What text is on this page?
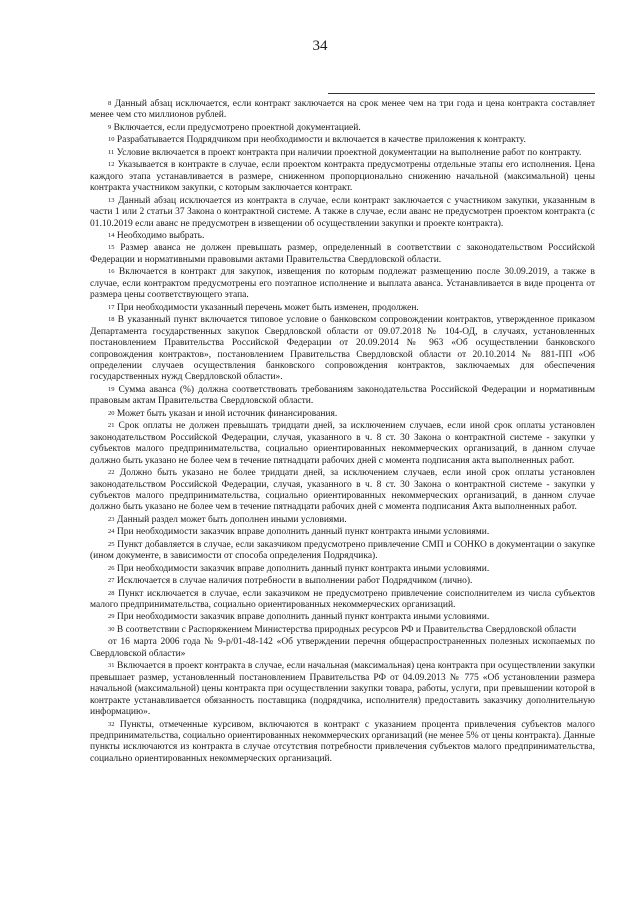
34

$^8$ Данный абзац исключается, если контракт заключается на срок менее чем на три года и цена контракта составляет менее чем сто миллионов рублей.

$^9$ Включается, если предусмотрено проектной документацией.

$^{10}$ Разрабатывается Подрядчиком при необходимости и включается в качестве приложения к контракту.

$^{11}$ Условие включается в проект контракта при наличии проектной документации на выполнение работ по контракту.

$^{12}$ Указывается в контракте в случае, если проектом контракта предусмотрены отдельные этапы его исполнения. Цена каждого этапа устанавливается в размере, сниженном пропорционально снижению начальной (максимальной) цены контракта участником закупки, с которым заключается контракт.

$^{13}$ Данный абзац исключается из контракта в случае, если контракт заключается с участником закупки, указанным в части 1 или 2 статьи 37 Закона о контрактной системе. А также в случае, если аванс не предусмотрен проектом контракта (с 01.10.2019 если аванс не предусмотрен в извещении об осуществлении закупки и проекте контракта).

$^{14}$ Необходимо выбрать.

$^{15}$ Размер аванса не должен превышать размер, определенный в соответствии с законодательством Российской Федерации и нормативными правовыми актами Правительства Свердловской области.

$^{16}$ Включается в контракт для закупок, извещения по которым подлежат размещению после 30.09.2019, а также в случае, если контрактом предусмотрены его поэтапное исполнение и выплата аванса. Устанавливается в виде процента от размера цены соответствующего этапа.

$^{17}$ При необходимости указанный перечень может быть изменен, продолжен.

$^{18}$ В указанный пункт включается типовое условие о банковском сопровождении контрактов, утвержденное приказом Департамента государственных закупок Свердловской области от 09.07.2018 № 104-ОД, в случаях, установленных постановлением Правительства Российской Федерации от 20.09.2014 № 963 «Об осуществлении банковского сопровождения контрактов», постановлением Правительства Свердловской области от 20.10.2014 № 881-ПП «Об определении случаев осуществления банковского сопровождения контрактов, заключаемых для обеспечения государственных нужд Свердловской области».

$^{19}$ Сумма аванса (%) должна соответствовать требованиям законодательства Российской Федерации и нормативным правовым актам Правительства Свердловской области.

$^{20}$ Может быть указан и иной источник финансирования.

$^{21}$ Срок оплаты не должен превышать тридцати дней, за исключением случаев, если иной срок оплаты установлен законодательством Российской Федерации, случая, указанного в ч. 8 ст. 30 Закона о контрактной системе - закупки у субъектов малого предпринимательства, социально ориентированных некоммерческих организаций, в данном случае должно быть указано не более чем в течение пятнадцати рабочих дней с момента подписания акта выполненных работ.

$^{22}$ Должно быть указано не более тридцати дней, за исключением случаев, если иной срок оплаты установлен законодательством Российской Федерации, случая, указанного в ч. 8 ст. 30 Закона о контрактной системе - закупки у субъектов малого предпринимательства, социально ориентированных некоммерческих организаций, в данном случае должно быть указано не более чем в течение пятнадцати рабочих дней с момента подписания Акта выполненных работ.

$^{23}$ Данный раздел может быть дополнен иными условиями.

$^{24}$ При необходимости заказчик вправе дополнить данный пункт контракта иными условиями.

$^{25}$ Пункт добавляется в случае, если заказчиком предусмотрено привлечение СМП и СОНКО в документации о закупке (ином документе, в зависимости от способа определения Подрядчика).

$^{26}$ При необходимости заказчик вправе дополнить данный пункт контракта иными условиями.

$^{27}$ Исключается в случае наличия потребности в выполнении работ Подрядчиком (лично).

$^{28}$ Пункт исключается в случае, если заказчиком не предусмотрено привлечение соисполнителем из числа субъектов малого предпринимательства, социально ориентированных некоммерческих организаций.

$^{29}$ При необходимости заказчик вправе дополнить данный пункт контракта иными условиями.

$^{30}$ В соответствии с Распоряжением Министерства природных ресурсов РФ и Правительства Свердловской области

от 16 марта 2006 года № 9-р/01-48-142 «Об утверждении перечня общераспространенных полезных ископаемых по Свердловской области»

$^{31}$ Включается в проект контракта в случае, если начальная (максимальная) цена контракта при осуществлении закупки превышает размер, установленный постановлением Правительства РФ от 04.09.2013 № 775 «Об установлении размера начальной (максимальной) цены контракта при осуществлении закупки товара, работы, услуги, при превышении которой в контракте устанавливается обязанность поставщика (подрядчика, исполнителя) предоставить заказчику дополнительную информацию».

$^{32}$ Пункты, отмеченные курсивом, включаются в контракт с указанием процента привлечения субъектов малого предпринимательства, социально ориентированных некоммерческих организаций (не менее 5% от цены контракта). Данные пункты исключаются из контракта в случае отсутствия потребности привлечения субъектов малого предпринимательства, социально ориентированных некоммерческих организаций.
